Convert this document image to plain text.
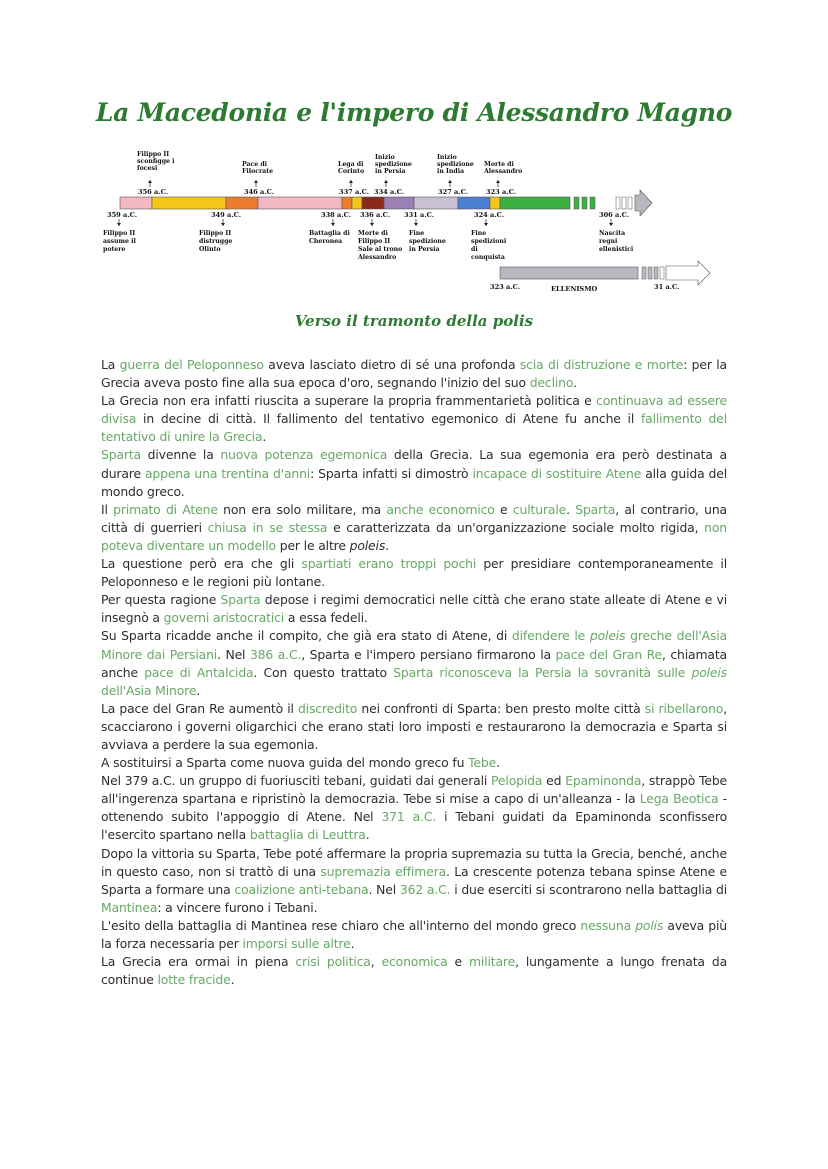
La Macedonia e l'impero di Alessandro Magno
Filippo II
sconfigge i
focesi
356 a.C.
Pace di
Filocrate
346 a.C.
Lega di
Corinto
337 a.C.
Inizio
spedizione
in Persia
334 a.C.
Inizio
spedizione
in India
327 a.C.
Morte di
Alessandro
323 a.C.
359 a.C.
Filippo II
assume il
potere
349 a.C.
Filippo II
distrugge
Olinto
338 a.C.
Battaglia di
Cheronea
336 a.C.
Morte di
Filippo II
Sale al trono
Alessandro
331 a.C.
Fine
spedizione
in Persia
324 a.C.
Fine
spedizioni
di
conquista
306 a.C.
Nascita
regni
ellenistici
323 a.C.	ELLENISMO	31 a.C.
Verso il tramonto della polis

La guerra del Peloponneso aveva lasciato dietro di sé una profonda scia di distruzione e morte: per la Grecia aveva posto fine alla sua epoca d'oro, segnando l'inizio del suo declino.

La Grecia non era infatti riuscita a superare la propria frammentarietà politica e continuava ad essere divisa in decine di città. Il fallimento del tentativo egemonico di Atene fu anche il fallimento del tentativo di unire la Grecia.

Sparta divenne la nuova potenza egemonica della Grecia. La sua egemonia era però destinata a durare appena una trentina d'anni: Sparta infatti si dimostrò incapace di sostituire Atene alla guida del mondo greco.

Il primato di Atene non era solo militare, ma anche economico e culturale. Sparta, al contrario, una città di guerrieri chiusa in se stessa e caratterizzata da un'organizzazione sociale molto rigida, non poteva diventare un modello per le altre poleis.

La questione però era che gli spartiati erano troppi pochi per presidiare contemporaneamente il Peloponneso e le regioni più lontane.

Per questa ragione Sparta depose i regimi democratici nelle città che erano state alleate di Atene e vi insegnò a governi aristocratici a essa fedeli.

Su Sparta ricadde anche il compito, che già era stato di Atene, di difendere le poleis greche dell'Asia Minore dai Persiani. Nel 386 a.C., Sparta e l'impero persiano firmarono la pace del Gran Re, chiamata anche pace di Antalcida. Con questo trattato Sparta riconosceva la Persia la sovranità sulle poleis dell'Asia Minore.

La pace del Gran Re aumentò il discredito nei confronti di Sparta: ben presto molte città si ribellarono, scacciarono i governi oligarchici che erano stati loro imposti e restaurarono la democrazia e Sparta si avviava a perdere la sua egemonia.

A sostituirsi a Sparta come nuova guida del mondo greco fu Tebe.

Nel 379 a.C. un gruppo di fuoriusciti tebani, guidati dai generali Pelopida ed Epaminonda, strappò Tebe all'ingerenza spartana e ripristinò la democrazia. Tebe si mise a capo di un'alleanza - la Lega Beotica - ottenendo subito l'appoggio di Atene. Nel 371 a.C. i Tebani guidati da Epaminonda sconfissero l'esercito spartano nella battaglia di Leuttra.

Dopo la vittoria su Sparta, Tebe poté affermare la propria supremazia su tutta la Grecia, benché, anche in questo caso, non si trattò di una supremazia effimera. La crescente potenza tebana spinse Atene e Sparta a formare una coalizione anti-tebana. Nel 362 a.C. i due eserciti si scontrarono nella battaglia di Mantinea: a vincere furono i Tebani.

L'esito della battaglia di Mantinea rese chiaro che all'interno del mondo greco nessuna polis aveva più la forza necessaria per imporsi sulle altre.

La Grecia era ormai in piena crisi politica, economica e militare, lungamente a lungo frenata da continue lotte fracide.
